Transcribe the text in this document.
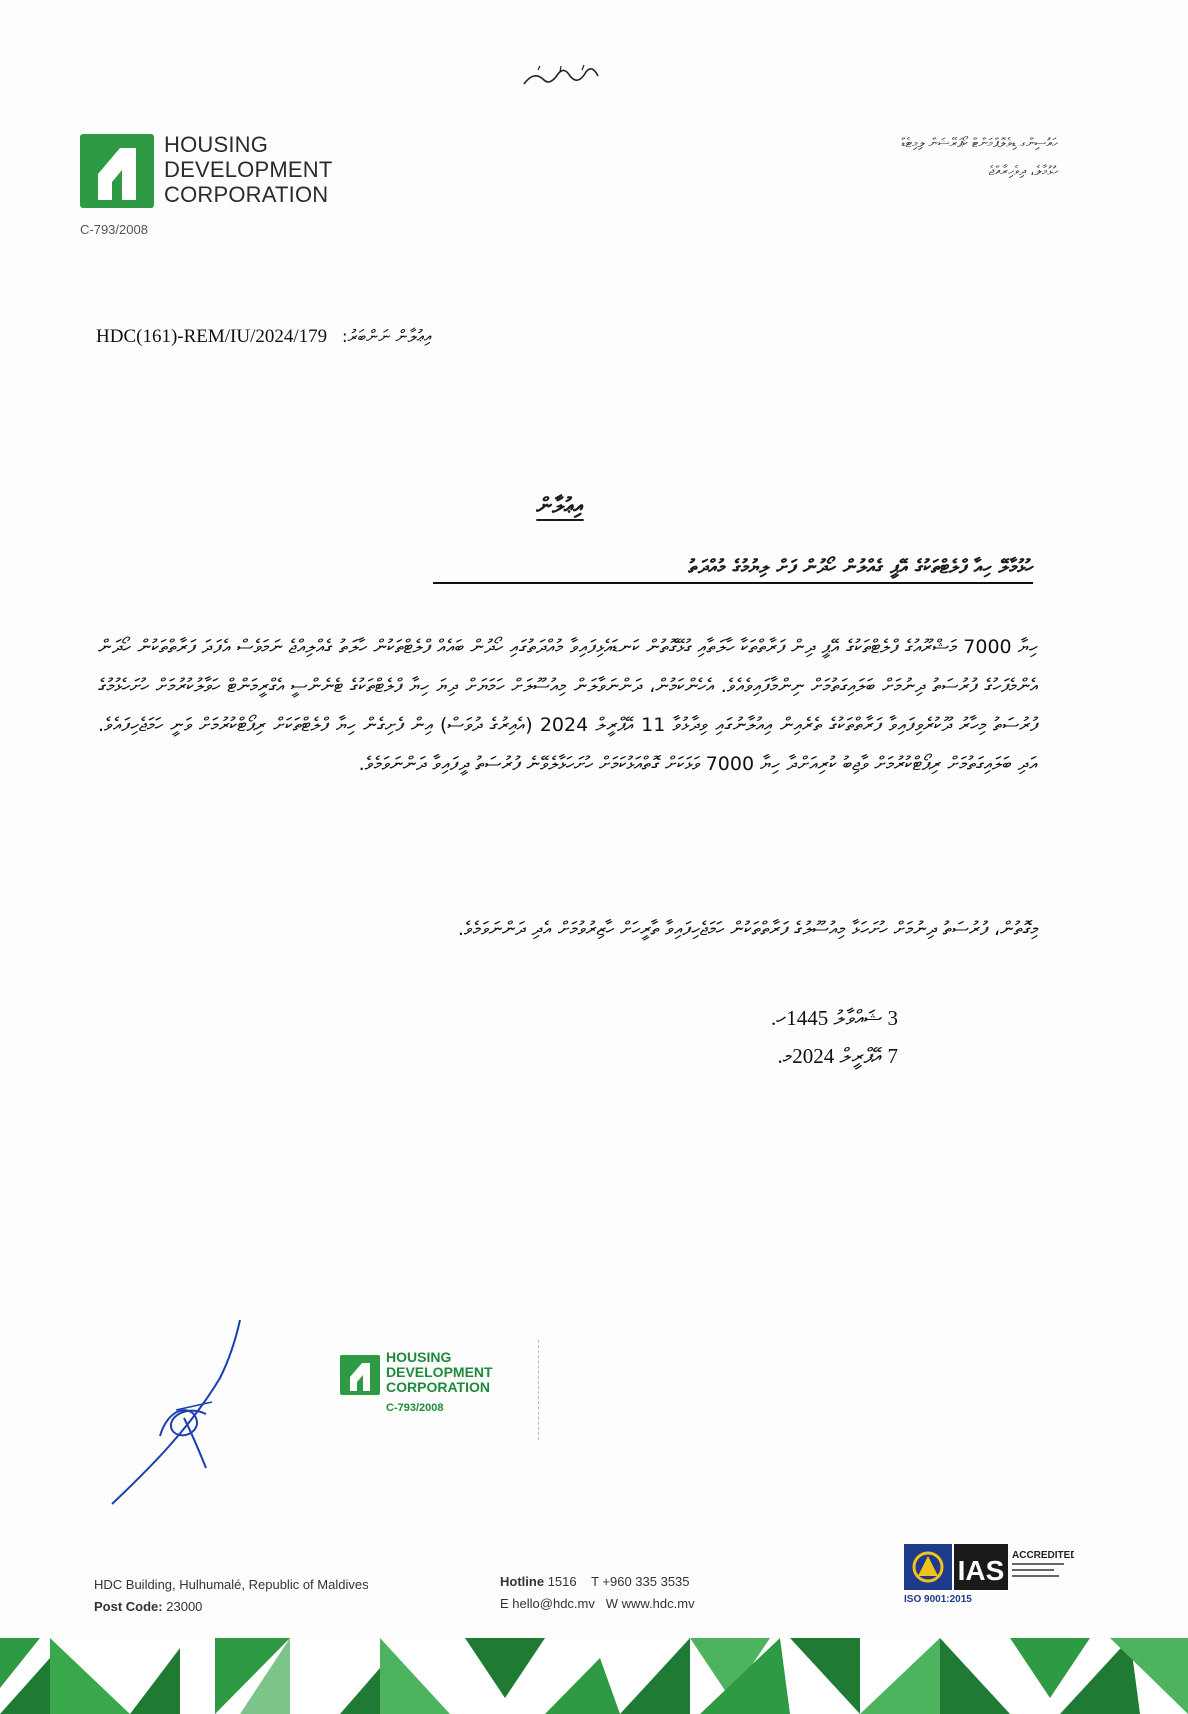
HOUSING
DEVELOPMENT
CORPORATION
C-793/2008
ހައުސިންގ ޑިވެލޮޕްމަންޓް ކޯޕަރޭޝަން ލިމިޓެޑް
ހުޅުމާލެ، ދިވެހިރާއްޖެ
HDC(161)-REM/IU/2024/179 އިޢުލާން ނަންބަރު:
އިޢުލާން
ހުޅުމާލޭ ހިއާ ފްލެޓްތަކުގެ އޭޕީ ގެއްލުން ހޯދުން ފަށް ލިޔުމުގެ މުއްދަތު
ހިޔާ 7000 މަޝްރޫއުގެ ފްލެޓްތަކުގެ އޭޕީ ދިން ފަރާތްތަކާ ހާލަތާއި ގުޅޭގޮތުން ކަނޑައެޅިފައިވާ މުއްދަތުގައި ހޯދުން ބައެއް ފްލެޓްތަކުން ހާލަތު ގެއްލިއްޖެ ނަމަވެސް އެފަދަ ފަރާތްތަކުން ހޯދަން އެންމެފަހުގެ ފުރުސަތު ދިނުމަށް ބަލައިގަތުމަށް ނިންމާފައިވެއެވެ. އެހެންކަމުން، ދަންނަވާލަން މިއުސޫލަށް ހަމަޔަށް ދިޔަ ހިޔާ ފްލެޓްތަކުގެ ޓެނެންސީ އެގްރީމަންޓް ހަވާލުކުރުމަށް ހުށަހެޅުމުގެ ފުރުސަތު މިހާރު ދޫކުރެވިފައިވާ ފަރާތްތަކުގެ ތެރެއިން އިއުލާނުގައި ވިދާޅުވާ 11 އޭޕްރީލް 2024 (އެއިރުގެ ދުވަސް) އިން ފެށިގެން ހިޔާ ފްލެޓްތަކަށް ރިޕޯޓްކުރުމަށް ވަނީ ހަމަޖެހިފައެވެ. އަދި ބަލައިގަތުމަށް ރިޕޯޓްކުރުމަށް ވާޖިބު ކުރިއަށްދާ ހިޔާ 7000 ވަޅަކަށް ގޮތްއަޅުކަމަށް ހުށަހަޅާލެވޭނެ ފުރުސަތު ދީފައިވާ ދަންނަވަމެވެ.
މިގޮތުން، ފުރުސަތު ދިނުމަށް ހުށަހަޅާ މިއުސޫލުގެ ފަރާތްތަކުން ހަމަޖެހިފައިވާ ތާރީހަށް ހާޒިރުވުމަށް އެދި ދަންނަވަމެވެ.
3 ޝައްވާލު 1445ހ.
7 އޭޕްރީލް 2024މ.
HOUSING
DEVELOPMENT
CORPORATION
C-793/2008
HDC Building, Hulhumalé, Republic of Maldives
Post Code: 23000
Hotline 1516 T +960 335 3535
E hello@hdc.mv W www.hdc.mv
IAS ACCREDITED
ISO 9001:2015
